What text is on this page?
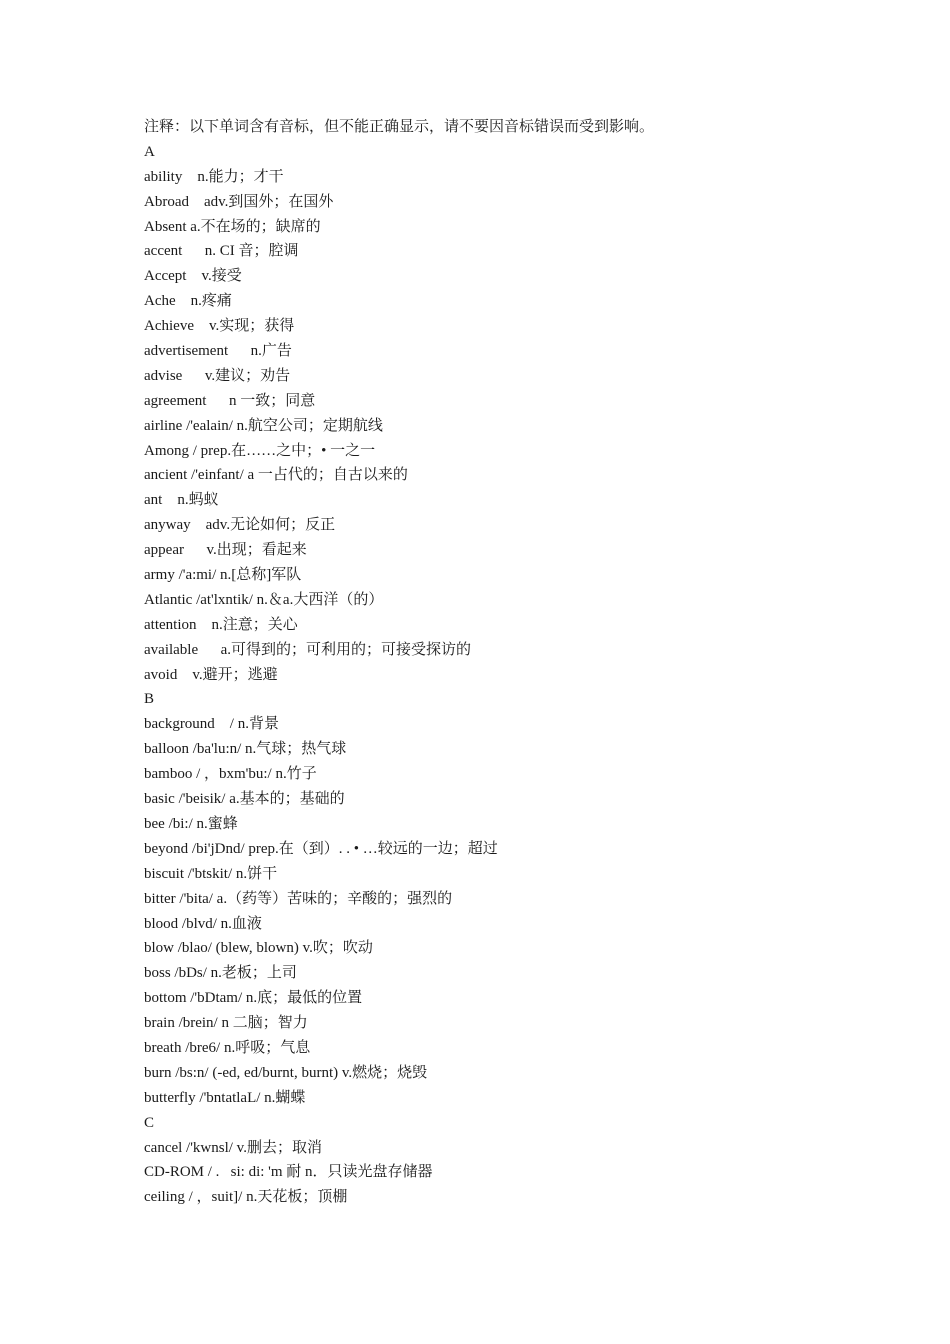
注释：以下单词含有音标，但不能正确显示，请不要因音标错误而受到影响。
A
ability    n.能力；才干
Abroad    adv.到国外；在国外
Absent a.不在场的；缺席的
accent      n. CI 音；腔调
Accept    v.接受
Ache    n.疼痛
Achieve    v.实现；获得
advertisement      n.广告
advise      v.建议；劝告
agreement      n 一致；同意
airline /'ealain/ n.航空公司；定期航线
Among / prep.在……之中；• 一之一
ancient /'einfant/ a 一占代的；自古以来的
ant    n.蚂蚁
anyway    adv.无论如何；反正
appear      v.出现；看起来
army /'a:mi/ n.[总称]军队
Atlantic /at'lxntik/ n.＆a.大西洋（的）
attention    n.注意；关心
available      a.可得到的；可利用的；可接受探访的
avoid    v.避开；逃避
B
background    / n.背景
balloon /ba'lu:n/ n.气球；热气球
bamboo / ，bxm'bu:/ n.竹子
basic /'beisik/ a.基本的；基础的
bee /bi:/ n.蜜蜂
beyond /bi'jDnd/ prep.在（到）. . • …较远的一边；超过
biscuit /'btskit/ n.饼干
bitter /'bita/ a.（药等）苦味的；辛酸的；强烈的
blood /blvd/ n.血液
blow /blao/ (blew, blown) v.吹；吹动
boss /bDs/ n.老板；上司
bottom /'bDtam/ n.底；最低的位置
brain /brein/ n 二脑；智力
breath /bre6/ n.呼吸；气息
burn /bs:n/ (-ed, ed/burnt, burnt) v.燃烧；烧毁
butterfly /'bntatlaL/ n.蝴蝶
C
cancel /'kwnsl/ v.删去；取消
CD-ROM / .   si: di: 'm 耐 n．只读光盘存储器
ceiling / ，suit]/ n.天花板；顶棚
